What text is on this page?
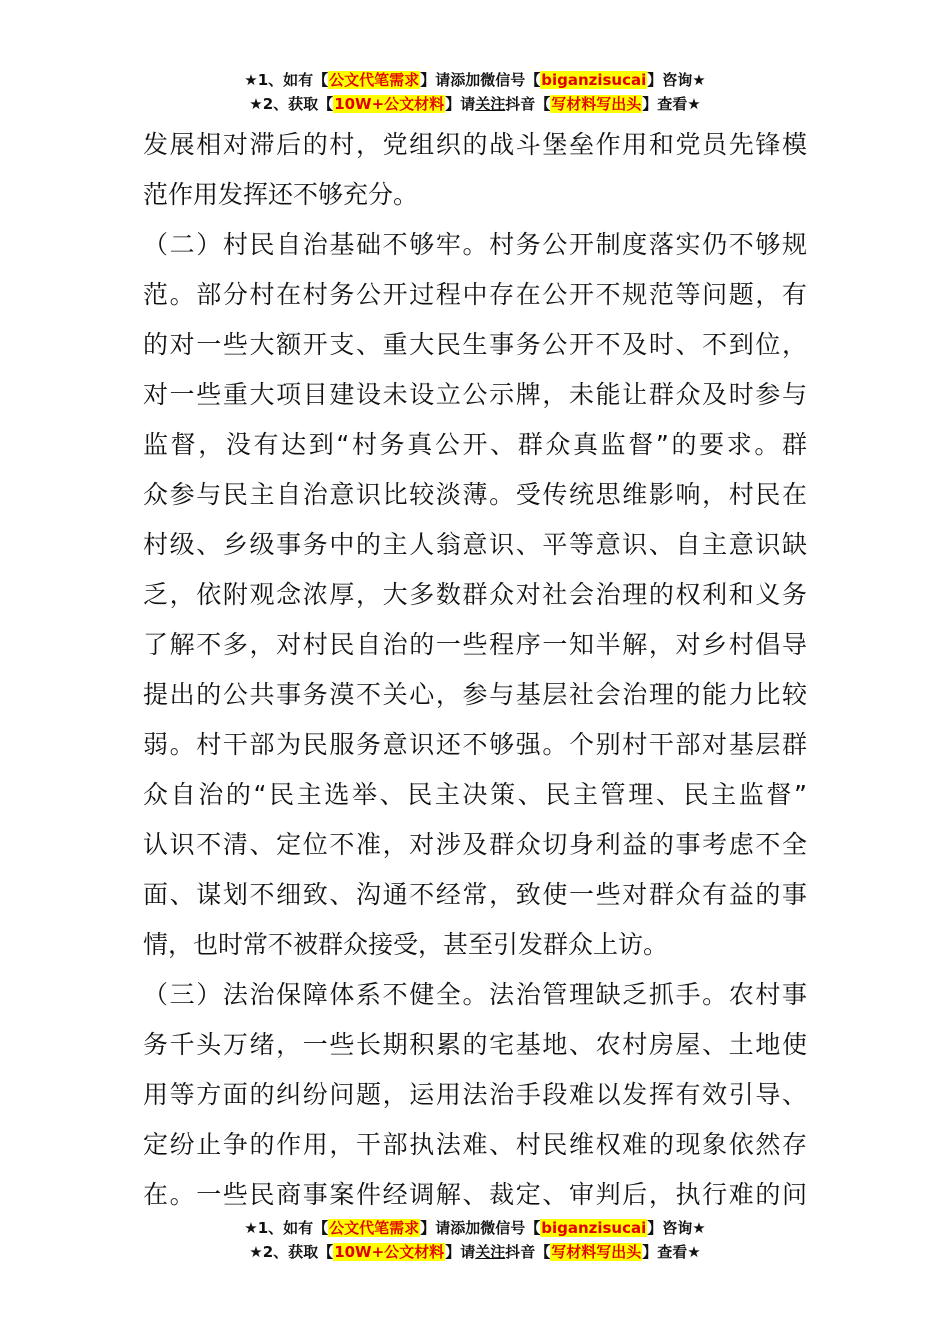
★1、如有【公文代笔需求】请添加微信号【biganzisucai】咨询★
★2、获取【10W+公文材料】请关注抖音【写材料写出头】查看★
发展相对滞后的村，党组织的战斗堡垒作用和党员先锋模
范作用发挥还不够充分。
（二）村民自治基础不够牢。村务公开制度落实仍不够规
范。部分村在村务公开过程中存在公开不规范等问题，有
的对一些大额开支、重大民生事务公开不及时、不到位，
对一些重大项目建设未设立公示牌，未能让群众及时参与
监督，没有达到“村务真公开、群众真监督”的要求。群
众参与民主自治意识比较淡薄。受传统思维影响，村民在
村级、乡级事务中的主人翁意识、平等意识、自主意识缺
乏，依附观念浓厚，大多数群众对社会治理的权利和义务
了解不多，对村民自治的一些程序一知半解，对乡村倡导
提出的公共事务漠不关心，参与基层社会治理的能力比较
弱。村干部为民服务意识还不够强。个别村干部对基层群
众自治的“民主选举、民主决策、民主管理、民主监督”
认识不清、定位不准，对涉及群众切身利益的事考虑不全
面、谋划不细致、沟通不经常，致使一些对群众有益的事
情，也时常不被群众接受，甚至引发群众上访。
（三）法治保障体系不健全。法治管理缺乏抓手。农村事
务千头万绪，一些长期积累的宅基地、农村房屋、土地使
用等方面的纠纷问题，运用法治手段难以发挥有效引导、
定纷止争的作用，干部执法难、村民维权难的现象依然存
在。一些民商事案件经调解、裁定、审判后，执行难的问
★1、如有【公文代笔需求】请添加微信号【biganzisucai】咨询★
★2、获取【10W+公文材料】请关注抖音【写材料写出头】查看★
